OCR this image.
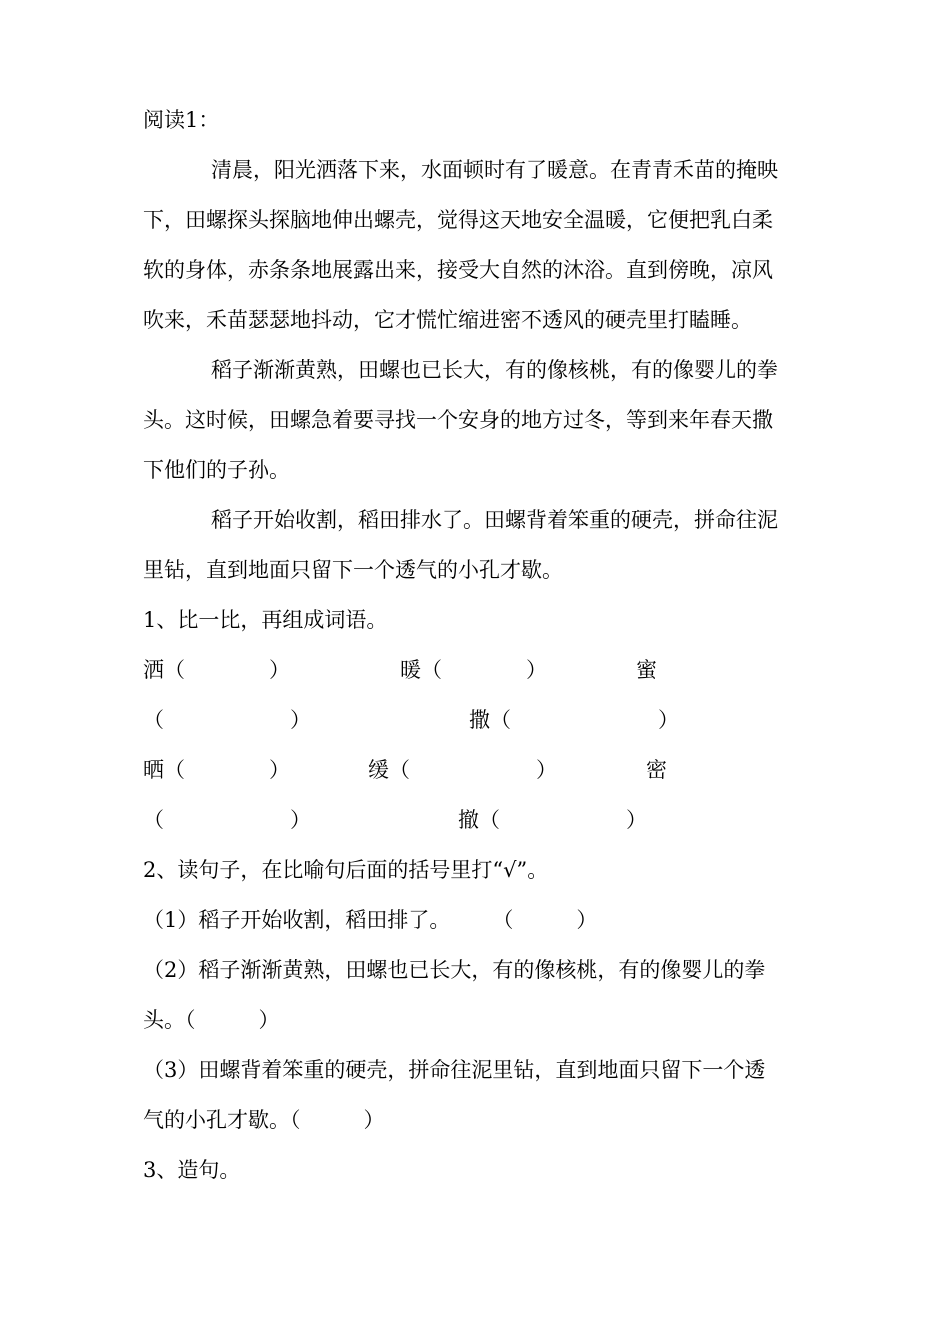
阅读1：
清晨，阳光洒落下来，水面顿时有了暖意。在青青禾苗的掩映
下，田螺探头探脑地伸出螺壳，觉得这天地安全温暖，它便把乳白柔
软的身体，赤条条地展露出来，接受大自然的沐浴。直到傍晚，凉风
吹来，禾苗瑟瑟地抖动，它才慌忙缩进密不透风的硬壳里打瞌睡。
稻子渐渐黄熟，田螺也已长大，有的像核桃，有的像婴儿的拳
头。这时候，田螺急着要寻找一个安身的地方过冬，等到来年春天撒
下他们的子孙。
稻子开始收割，稻田排水了。田螺背着笨重的硬壳，拼命往泥
里钻，直到地面只留下一个透气的小孔才歇。
1、比一比，再组成词语。
洒（　　　　）	暖（　　　　）	蜜
（　　　　　　）	撒（　　　　　　　）
晒（　　　　）	缓（　　　　　　）	密
（　　　　　　）	撤（　　　　　　）
2、读句子，在比喻句后面的括号里打“√”。
（1）稻子开始收割，稻田排了。　　　（　　　）
（2）稻子渐渐黄熟，田螺也已长大，有的像核桃，有的像婴儿的拳
头。（　　　）
（3）田螺背着笨重的硬壳，拼命往泥里钻，直到地面只留下一个透
气的小孔才歇。（　　　）
3、造句。
